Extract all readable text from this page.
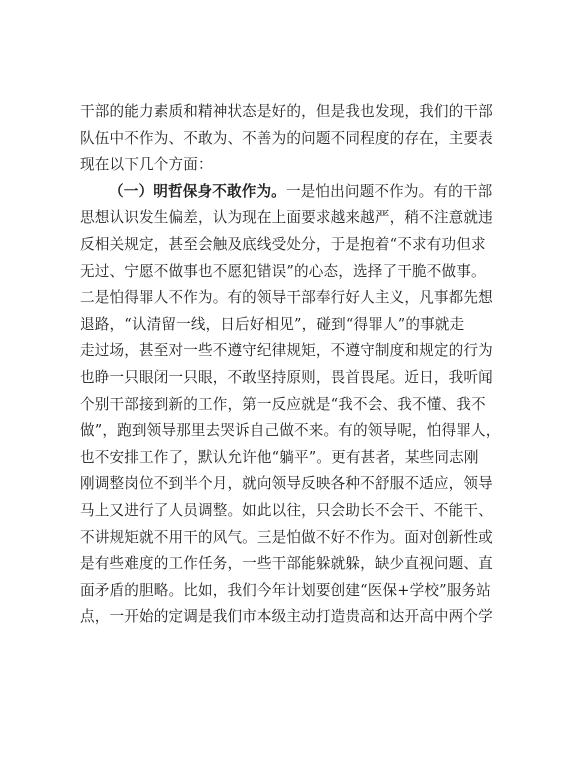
干部的能力素质和精神状态是好的，但是我也发现，我们的干部
队伍中不作为、不敢为、不善为的问题不同程度的存在，主要表
现在以下几个方面：
（一）明哲保身不敢作为。一是怕出问题不作为。有的干部
思想认识发生偏差，认为现在上面要求越来越严，稍不注意就违
反相关规定，甚至会触及底线受处分，于是抱着“不求有功但求
无过、宁愿不做事也不愿犯错误”的心态，选择了干脆不做事。
二是怕得罪人不作为。有的领导干部奉行好人主义，凡事都先想
退路，“认清留一线，日后好相见”，碰到“得罪人”的事就走
走过场，甚至对一些不遵守纪律规矩，不遵守制度和规定的行为
也睁一只眼闭一只眼，不敢坚持原则，畏首畏尾。近日，我听闻
个别干部接到新的工作，第一反应就是“我不会、我不懂、我不
做”，跑到领导那里去哭诉自己做不来。有的领导呢，怕得罪人，
也不安排工作了，默认允许他“躺平”。更有甚者，某些同志刚
刚调整岗位不到半个月，就向领导反映各种不舒服不适应，领导
马上又进行了人员调整。如此以往，只会助长不会干、不能干、
不讲规矩就不用干的风气。三是怕做不好不作为。面对创新性或
是有些难度的工作任务，一些干部能躲就躲，缺少直视问题、直
面矛盾的胆略。比如，我们今年计划要创建“医保+学校”服务站
点，一开始的定调是我们市本级主动打造贵高和达开高中两个学
